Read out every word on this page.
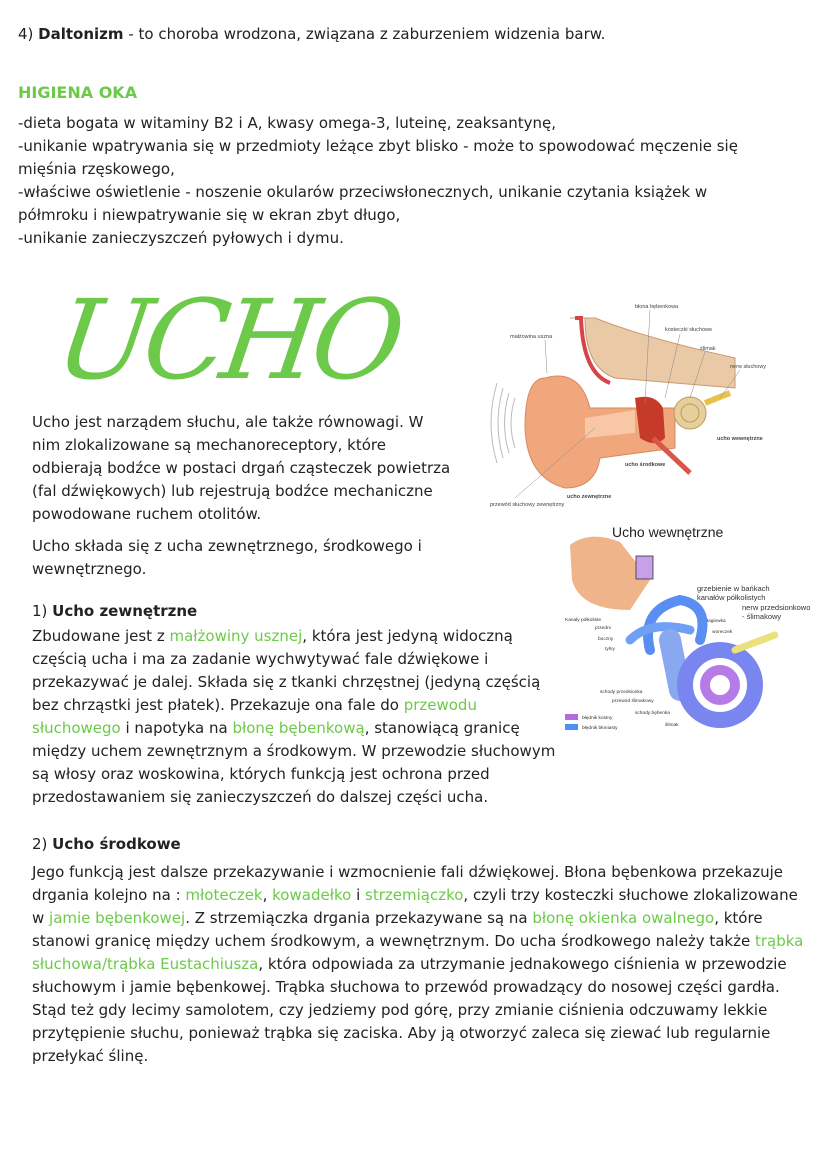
4) Daltonizm - to choroba wrodzona, związana z zaburzeniem widzenia barw.

HIGIENA OKA
-dieta bogata w witaminy B2 i A, kwasy omega-3, luteinę, zeaksantynę,
-unikanie wpatrywania się w przedmioty leżące zbyt blisko - może to spowodować męczenie się mięśnia rzęskowego,
-właściwe oświetlenie - noszenie okularów przeciwsłonecznych, unikanie czytania książek w półmroku i niewpatrywanie się w ekran zbyt długo,
-unikanie zanieczyszczeń pyłowych i dymu.
UCHO

Ucho jest narządem słuchu, ale także równowagi. W nim zlokalizowane są mechanoreceptory, które odbierają bodźce w postaci drgań cząsteczek powietrza (fal dźwiękowych) lub rejestrują bodźce mechaniczne powodowane ruchem otolitów.

Ucho składa się z ucha zewnętrznego, środkowego i wewnętrznego.

1) Ucho zewnętrzne

Zbudowane jest z małżowiny usznej, która jest jedyną widoczną częścią ucha i ma za zadanie wychwytywać fale dźwiękowe i przekazywać je dalej. Składa się z tkanki chrzęstnej (jedyną częścią bez chrząstki jest płatek). Przekazuje ona fale do przewodu słuchowego i napotyka na błonę bębenkową, stanowiącą granicę między uchem zewnętrznym a środkowym. W przewodzie słuchowym są włosy oraz woskowina, których funkcją jest ochrona przed przedostawaniem się zanieczyszczeń do dalszej części ucha.

2) Ucho środkowe

Jego funkcją jest dalsze przekazywanie i wzmocnienie fali dźwiękowej. Błona bębenkowa przekazuje drgania kolejno na : młoteczek, kowadełko i strzemiączko, czyli trzy kosteczki słuchowe zlokalizowane w jamie bębenkowej. Z strzemiączka drgania przekazywane są na błonę okienka owalnego, które stanowi granicę między uchem środkowym, a wewnętrznym. Do ucha środkowego należy także trąbka słuchowa/trąbka Eustachiusza, która odpowiada za utrzymanie jednakowego ciśnienia w przewodzie słuchowym i jamie bębenkowej. Trąbka słuchowa to przewód prowadzący do nosowej części gardła. Stąd też gdy lecimy samolotem, czy jedziemy pod górę, przy zmianie ciśnienia odczuwamy lekkie przytępienie słuchu, ponieważ trąbka się zaciska. Aby ją otworzyć zaleca się ziewać lub regularnie przełykać ślinę.

błona bębenkowa
kosteczki słuchowe
małżowina uszna
ślimak
nerw słuchowy
ucho wewnętrzne
ucho środkowe
ucho zewnętrzne
przewód słuchowy zewnętrzny
Ucho wewnętrzne
Kanały półkoliste
przedni
boczny
tylny
łagiewka
woreczek
schody przedsionka
przewód ślimakowy
schody bębenka
ślimak
błędnik kostny
błędnik błoniasty
grzebienie w bańkach kanałów półkolistych
nerw przedsionkowo - ślimakowy
